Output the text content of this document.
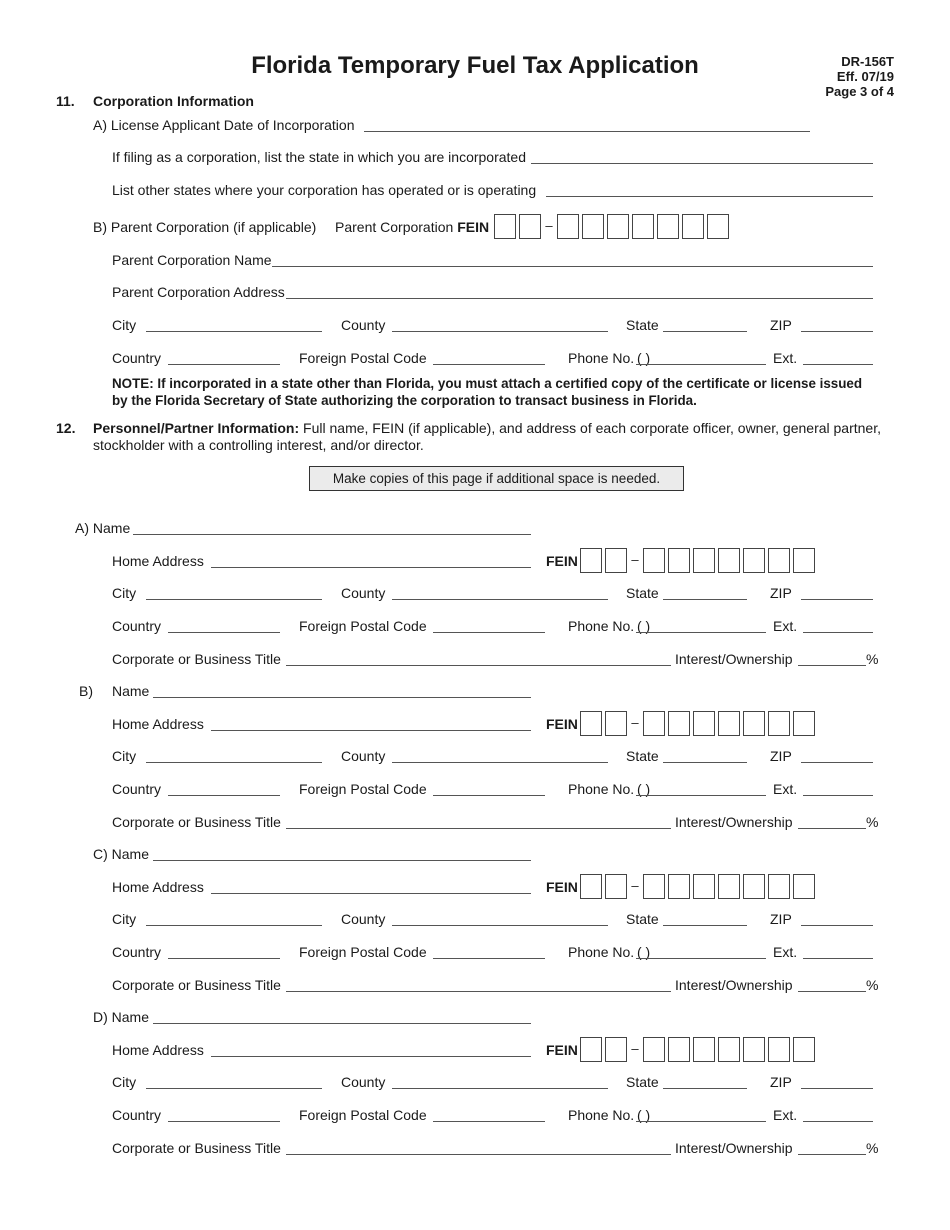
Florida Temporary Fuel Tax Application	DR-156T
Eff. 07/19
Page 3 of 4
11. Corporation Information
A) License Applicant Date of Incorporation
If filing as a corporation, list the state in which you are incorporated
List other states where your corporation has operated or is operating
B) Parent Corporation (if applicable) Parent Corporation FEIN	–
Parent Corporation Name
Parent Corporation Address
City	County	State	ZIP
Country	Foreign Postal Code	Phone No. ( )	Ext.
NOTE: If incorporated in a state other than Florida, you must attach a certified copy of the certificate or license issued by the Florida Secretary of State authorizing the corporation to transact business in Florida.
12. Personnel/Partner Information: Full name, FEIN (if applicable), and address of each corporate officer, owner, general partner, stockholder with a controlling interest, and/or director.
Make copies of this page if additional space is needed.
A) Name
Home Address	FEIN	–
City	County	State	ZIP
Country	Foreign Postal Code	Phone No. ( )	Ext.
Corporate or Business Title	Interest/Ownership	%
B) Name
Home Address	FEIN	–
City	County	State	ZIP
Country	Foreign Postal Code	Phone No. ( )	Ext.
Corporate or Business Title	Interest/Ownership	%
C) Name
Home Address	FEIN	–
City	County	State	ZIP
Country	Foreign Postal Code	Phone No. ( )	Ext.
Corporate or Business Title	Interest/Ownership	%
D) Name
Home Address	FEIN	–
City	County	State	ZIP
Country	Foreign Postal Code	Phone No. ( )	Ext.
Corporate or Business Title	Interest/Ownership	%
